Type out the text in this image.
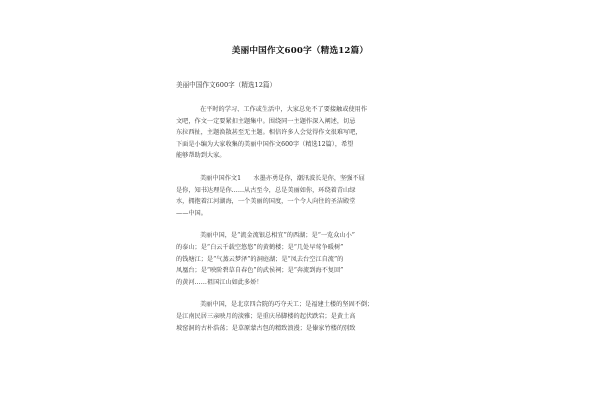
美丽中国作文600字（精选12篇）
美丽中国作文600字（精选12篇）
在平时的学习、工作或生活中，大家总免不了要接触或使用作
文吧，作文一定要紧扣主题集中。围绕同一主题作深入阐述，切忌
东拉西扯，主题涣散甚至无主题。相信许多人会觉得作文很难写吧，
下面是小编为大家收集的美丽中国作文600字（精选12篇），希望
能够帮助到大家。
美丽中国作文1　　水墨亦勇是你，潮汛波长是你，坚强不屈
是你，知书达理是你……从古至今，总是美丽如你，环绕着青山绿
水，拥抱着江河湖海，一个美丽的国度，一个令人向往的圣洁殿堂
——中国。
美丽中国，是“流金流银总相宜”的西湖；是“一览众山小”
的泰山；是“白云千载空悠悠”的黄鹤楼；是“几处早莺争暖树”
的钱塘江；是“气蒸云梦泽”的洞庭湖；是“凤去台空江自流”的
凤凰台；是“映阶碧草自春色”的武侯祠；是“奔流到海不复回”
的黄河……祖国江山如此多娇！
美丽中国，是北京四合院的巧夺天工；是福建土楼的坚固不倒；
是江南民居三亲映月的淡雅；是重庆吊脚楼的起伏跌宕；是黄土高
坡窑洞的古朴浩荡；是草原蒙古包的精致浪漫；是傣家竹楼的别致
